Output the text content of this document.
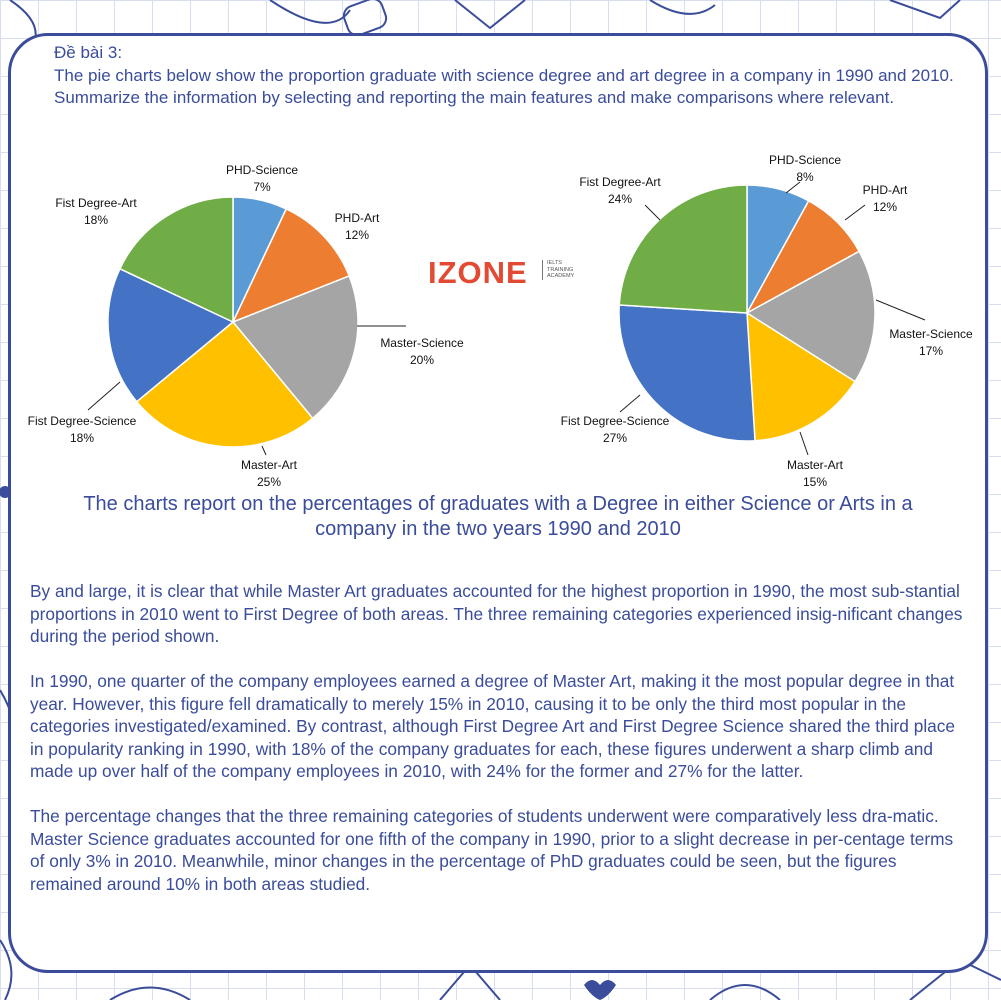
Đề bài 3:
The pie charts below show the proportion graduate with science degree and art degree in a company in 1990 and 2010.
Summarize the information by selecting and reporting the main features and make comparisons where relevant.
PHD-Science
7%
PHD-Art
12%
Master-Science
20%
Master-Art
25%
Fist Degree-Science
18%
Fist Degree-Art
18%
PHD-Science
8%
PHD-Art
12%
Master-Science
17%
Master-Art
15%
Fist Degree-Science
27%
Fist Degree-Art
24%
IZONE	IELTS
TRAINING
ACADEMY
The charts report on the percentages of graduates with a Degree in either Science or Arts in a company in the two years 1990 and 2010

By and large, it is clear that while Master Art graduates accounted for the highest proportion in 1990, the most sub-stantial proportions in 2010 went to First Degree of both areas. The three remaining categories experienced insig-nificant changes during the period shown.

In 1990, one quarter of the company employees earned a degree of Master Art, making it the most popular degree in that year. However, this figure fell dramatically to merely 15% in 2010, causing it to be only the third most popular in the categories investigated/examined. By contrast, although First Degree Art and First Degree Science shared the third place in popularity ranking in 1990, with 18% of the company graduates for each, these figures underwent a sharp climb and made up over half of the company employees in 2010, with 24% for the former and 27% for the latter.

The percentage changes that the three remaining categories of students underwent were comparatively less dra-matic. Master Science graduates accounted for one fifth of the company in 1990, prior to a slight decrease in per-centage terms of only 3% in 2010. Meanwhile, minor changes in the percentage of PhD graduates could be seen, but the figures remained around 10% in both areas studied.
